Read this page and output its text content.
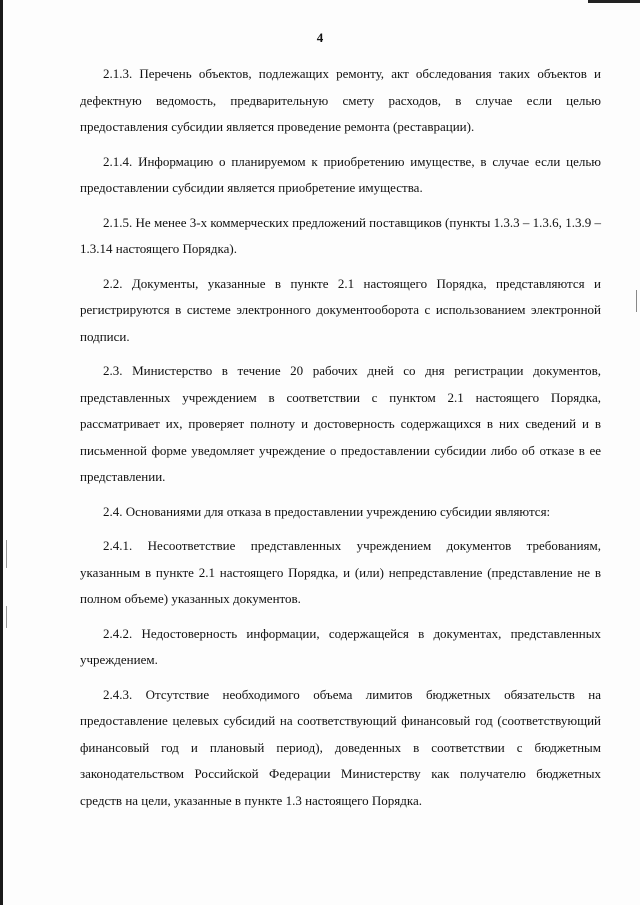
4

2.1.3. Перечень объектов, подлежащих ремонту, акт обследования таких объектов и дефектную ведомость, предварительную смету расходов, в случае если целью предоставления субсидии является проведение ремонта (реставрации).

2.1.4. Информацию о планируемом к приобретению имуществе, в случае если целью предоставлении субсидии является приобретение имущества.

2.1.5. Не менее 3-х коммерческих предложений поставщиков (пункты 1.3.3 – 1.3.6, 1.3.9 – 1.3.14 настоящего Порядка).

2.2. Документы, указанные в пункте 2.1 настоящего Порядка, представляются и регистрируются в системе электронного документооборота с использованием электронной подписи.

2.3. Министерство в течение 20 рабочих дней со дня регистрации документов, представленных учреждением в соответствии с пунктом 2.1 настоящего Порядка, рассматривает их, проверяет полноту и достоверность содержащихся в них сведений и в письменной форме уведомляет учреждение о предоставлении субсидии либо об отказе в ее представлении.

2.4. Основаниями для отказа в предоставлении учреждению субсидии являются:

2.4.1. Несоответствие представленных учреждением документов требованиям, указанным в пункте 2.1 настоящего Порядка, и (или) непредставление (представление не в полном объеме) указанных документов.

2.4.2. Недостоверность информации, содержащейся в документах, представленных учреждением.

2.4.3. Отсутствие необходимого объема лимитов бюджетных обязательств на предоставление целевых субсидий на соответствующий финансовый год (соответствующий финансовый год и плановый период), доведенных в соответствии с бюджетным законодательством Российской Федерации Министерству как получателю бюджетных средств на цели, указанные в пункте 1.3 настоящего Порядка.
